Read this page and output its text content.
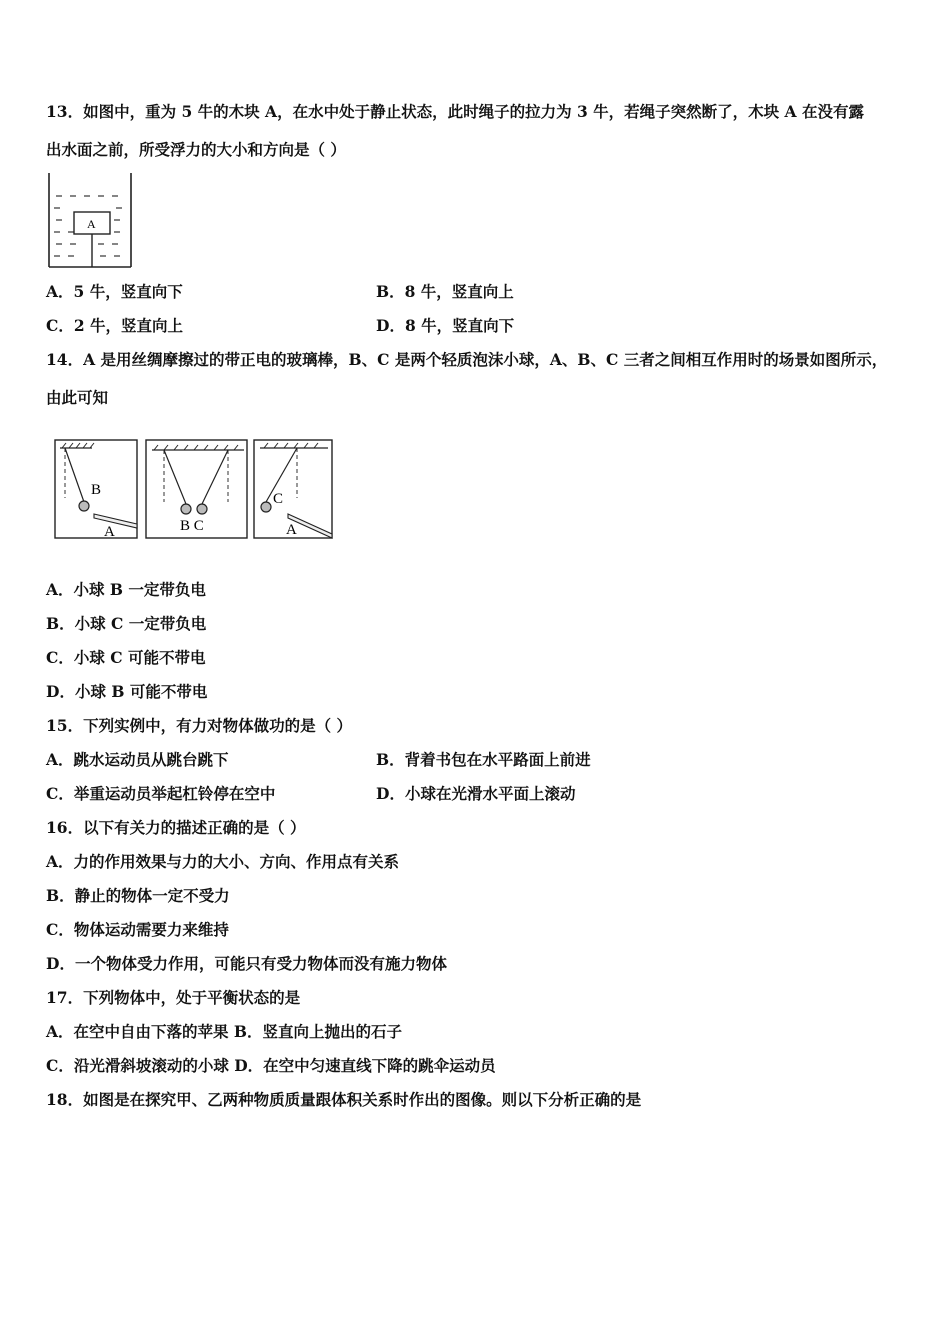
13．如图中，重为 5 牛的木块 A，在水中处于静止状态，此时绳子的拉力为 3 牛，若绳子突然断了，木块 A 在没有露
出水面之前，所受浮力的大小和方向是（ ）
A
A．5 牛，竖直向下	B．8 牛，竖直向上
C．2 牛，竖直向上	D．8 牛，竖直向下
14．A 是用丝绸摩擦过的带正电的玻璃棒，B、C 是两个轻质泡沫小球，A、B、C 三者之间相互作用时的场景如图所示，
由此可知
B
A	B C
C
A
A．小球 B 一定带负电
B．小球 C 一定带负电
C．小球 C 可能不带电
D．小球 B 可能不带电
15．下列实例中，有力对物体做功的是（ ）
A．跳水运动员从跳台跳下	B．背着书包在水平路面上前进
C．举重运动员举起杠铃停在空中	D．小球在光滑水平面上滚动
16．以下有关力的描述正确的是（ ）
A．力的作用效果与力的大小、方向、作用点有关系
B．静止的物体一定不受力
C．物体运动需要力来维持
D．一个物体受力作用，可能只有受力物体而没有施力物体
17．下列物体中，处于平衡状态的是
A．在空中自由下落的苹果 B．竖直向上抛出的石子
C．沿光滑斜坡滚动的小球 D．在空中匀速直线下降的跳伞运动员
18．如图是在探究甲、乙两种物质质量跟体积关系时作出的图像。则以下分析正确的是
